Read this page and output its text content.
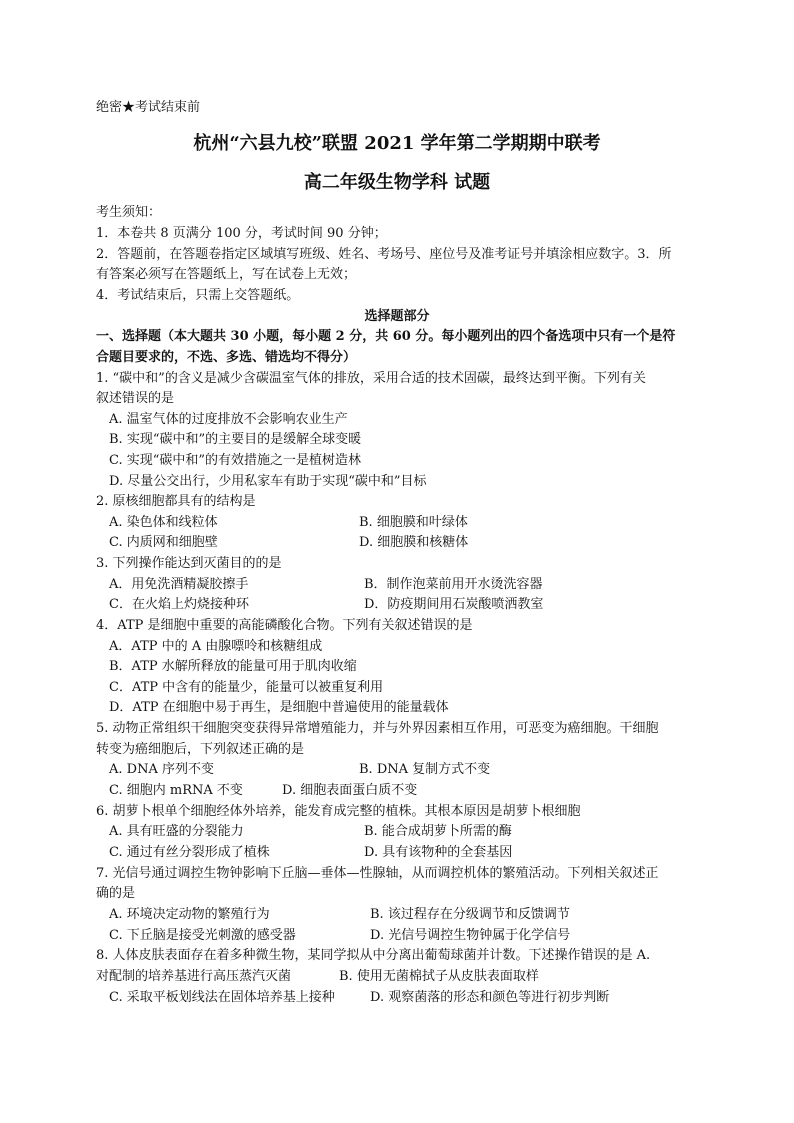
绝密★考试结束前
杭州“六县九校”联盟 2021 学年第二学期期中联考
高二年级生物学科 试题
考生须知：
1．本卷共 8 页满分 100 分，考试时间 90 分钟；
2．答题前，在答题卷指定区域填写班级、姓名、考场号、座位号及准考证号并填涂相应数字。3．所
有答案必须写在答题纸上，写在试卷上无效；
4．考试结束后，只需上交答题纸。
选择题部分
一、选择题（本大题共 30 小题，每小题 2 分，共 60 分。每小题列出的四个备选项中只有一个是符
合题目要求的，不选、多选、错选均不得分）
1. “碳中和”的含义是减少含碳温室气体的排放，采用合适的技术固碳，最终达到平衡。下列有关
叙述错误的是
A. 温室气体的过度排放不会影响农业生产
B. 实现“碳中和”的主要目的是缓解全球变暖
C. 实现“碳中和”的有效措施之一是植树造林
D. 尽量公交出行，少用私家车有助于实现“碳中和”目标
2. 原核细胞都具有的结构是
A. 染色体和线粒体	B. 细胞膜和叶绿体
C. 内质网和细胞壁	D. 细胞膜和核糖体
3. 下列操作能达到灭菌目的的是
A．用免洗酒精凝胶擦手	B．制作泡菜前用开水烫洗容器
C．在火焰上灼烧接种环	D．防疫期间用石炭酸喷洒教室
4．ATP 是细胞中重要的高能磷酸化合物。下列有关叙述错误的是
A．ATP 中的 A 由腺嘌呤和核糖组成
B．ATP 水解所释放的能量可用于肌肉收缩
C．ATP 中含有的能量少，能量可以被重复利用
D．ATP 在细胞中易于再生，是细胞中普遍使用的能量载体
5. 动物正常组织干细胞突变获得异常增殖能力，并与外界因素相互作用，可恶变为癌细胞。干细胞
转变为癌细胞后，下列叙述正确的是
A. DNA 序列不变	B. DNA 复制方式不变
C. 细胞内 mRNA 不变	D. 细胞表面蛋白质不变
6. 胡萝卜根单个细胞经体外培养，能发育成完整的植株。其根本原因是胡萝卜根细胞
A. 具有旺盛的分裂能力	B. 能合成胡萝卜所需的酶
C. 通过有丝分裂形成了植株	D. 具有该物种的全套基因
7. 光信号通过调控生物钟影响下丘脑—垂体—性腺轴，从而调控机体的繁殖活动。下列相关叙述正
确的是
A. 环境决定动物的繁殖行为	B. 该过程存在分级调节和反馈调节
C. 下丘脑是接受光刺激的感受器	D. 光信号调控生物钟属于化学信号
8. 人体皮肤表面存在着多种微生物，某同学拟从中分离出葡萄球菌并计数。下述操作错误的是 A.
对配制的培养基进行高压蒸汽灭菌	B. 使用无菌棉拭子从皮肤表面取样
C. 采取平板划线法在固体培养基上接种	D. 观察菌落的形态和颜色等进行初步判断
